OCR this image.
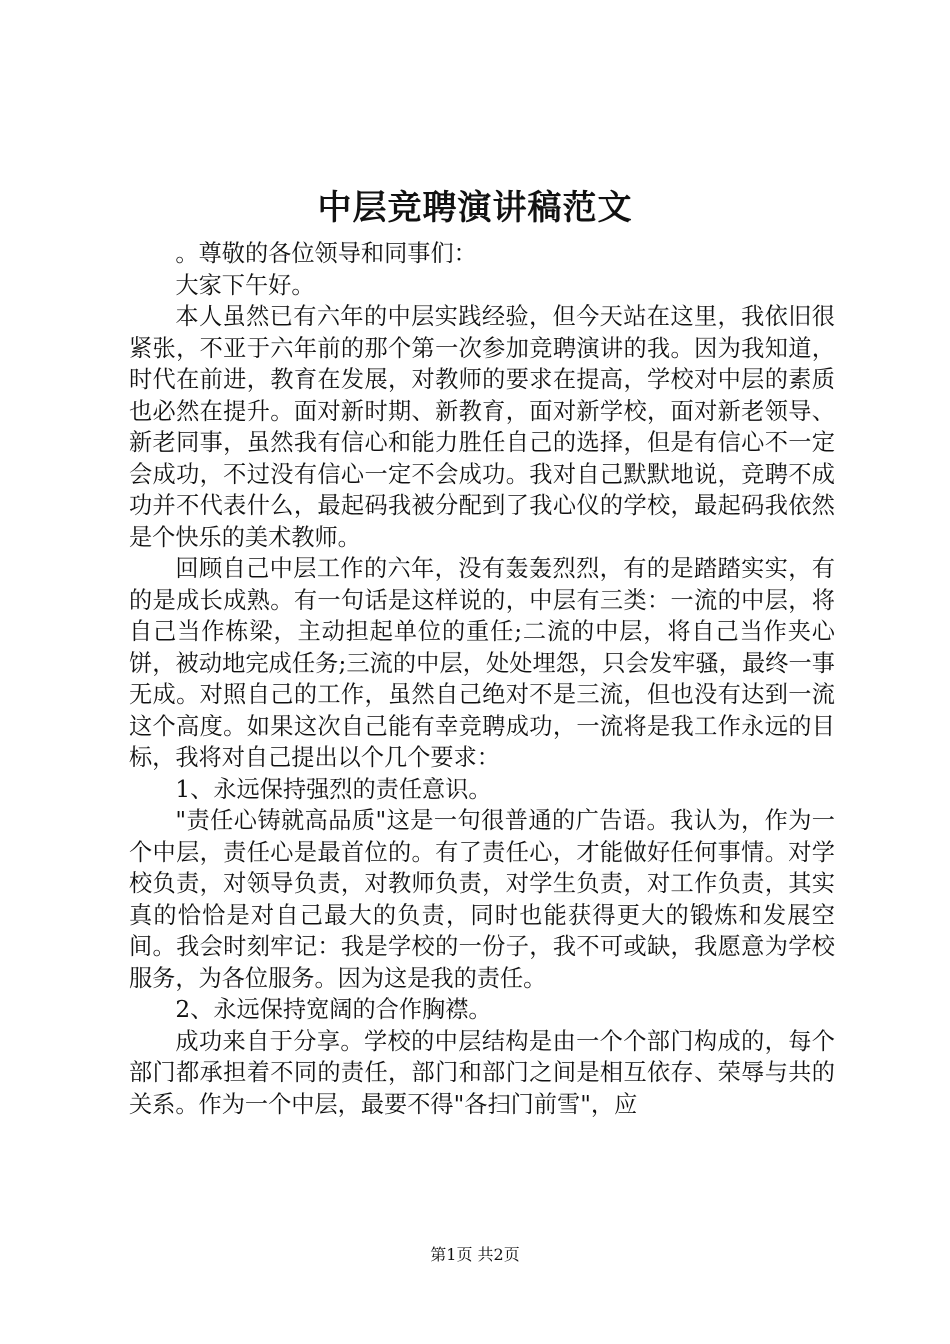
中层竞聘演讲稿范文

。尊敬的各位领导和同事们：

大家下午好。

本人虽然已有六年的中层实践经验，但今天站在这里，我依旧很紧张，不亚于六年前的那个第一次参加竞聘演讲的我。因为我知道，时代在前进，教育在发展，对教师的要求在提高，学校对中层的素质也必然在提升。面对新时期、新教育，面对新学校，面对新老领导、新老同事，虽然我有信心和能力胜任自己的选择，但是有信心不一定会成功，不过没有信心一定不会成功。我对自己默默地说，竞聘不成功并不代表什么，最起码我被分配到了我心仪的学校，最起码我依然是个快乐的美术教师。

回顾自己中层工作的六年，没有轰轰烈烈，有的是踏踏实实，有的是成长成熟。有一句话是这样说的，中层有三类：一流的中层，将自己当作栋梁，主动担起单位的重任;二流的中层，将自己当作夹心饼，被动地完成任务;三流的中层，处处埋怨，只会发牢骚，最终一事无成。对照自己的工作，虽然自己绝对不是三流，但也没有达到一流这个高度。如果这次自己能有幸竞聘成功，一流将是我工作永远的目标，我将对自己提出以个几个要求：

1、永远保持强烈的责任意识。

"责任心铸就高品质"这是一句很普通的广告语。我认为，作为一个中层，责任心是最首位的。有了责任心，才能做好任何事情。对学校负责，对领导负责，对教师负责，对学生负责，对工作负责，其实真的恰恰是对自己最大的负责，同时也能获得更大的锻炼和发展空间。我会时刻牢记：我是学校的一份子，我不可或缺，我愿意为学校服务，为各位服务。因为这是我的责任。

2、永远保持宽阔的合作胸襟。

成功来自于分享。学校的中层结构是由一个个部门构成的，每个部门都承担着不同的责任，部门和部门之间是相互依存、荣辱与共的关系。作为一个中层，最要不得"各扫门前雪"，应

第1页 共2页
